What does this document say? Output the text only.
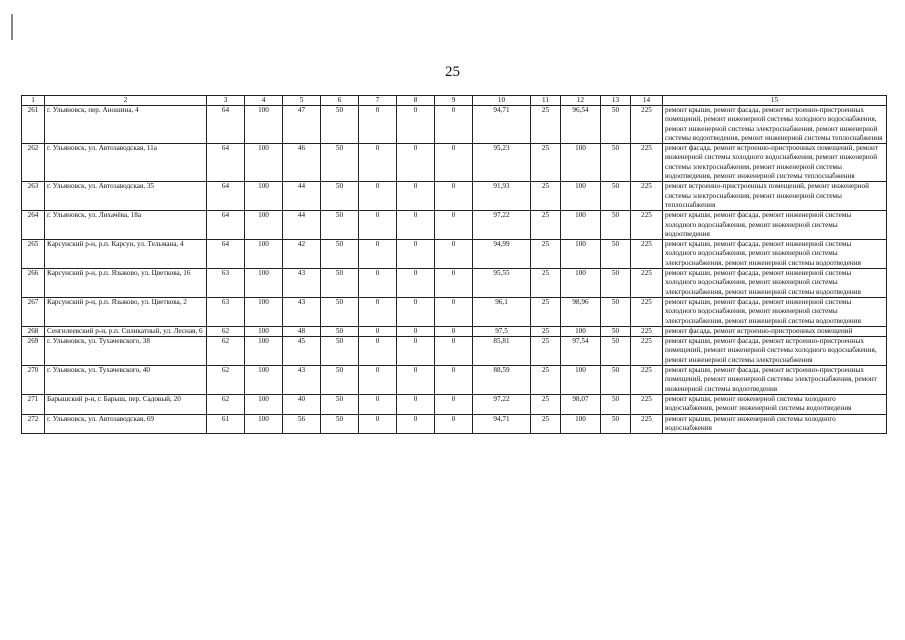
25
1	2	3	4	5	6	7	8	9	10	11	12	13	14	15
261	г. Ульяновск, пер. Аношина, 4	64	100	47	50	0	0	0	94,71	25	96,54	50	225	ремонт крыши, ремонт фасада, ремонт встроенно-пристроенных помещений, ремонт инженерной системы холодного водоснабжения, ремонт инженерной системы электроснабжения, ремонт инженерной системы водоотведения, ремонт инженерной системы теплоснабжения
262	г. Ульяновск, ул. Автозаводская, 11а	64	100	46	50	0	0	0	95,23	25	100	50	225	ремонт фасада, ремонт встроенно-пристроенных помещений, ремонт инженерной системы холодного водоснабжения, ремонт инженерной системы электроснабжения, ремонт инженерной системы водоотведения, ремонт инженерной системы теплоснабжения
263	г. Ульяновск, ул. Автозаводская, 35	64	100	44	50	0	0	0	91,93	25	100	50	225	ремонт встроенно-пристроенных помещений, ремонт инженерной системы электроснабжения, ремонт инженерной системы теплоснабжения
264	г. Ульяновск, ул. Лихачёва, 18а	64	100	44	50	0	0	0	97,22	25	100	50	225	ремонт крыши, ремонт фасада, ремонт инженерной системы холодного водоснабжения, ремонт инженерной системы водоотведения
265	Карсунский р-н, р.п. Карсун, ул. Тельмана, 4	64	100	42	50	0	0	0	94,99	25	100	50	225	ремонт крыши, ремонт фасада, ремонт инженерной системы холодного водоснабжения, ремонт инженерной системы электроснабжения, ремонт инженерной системы водоотведения
266	Карсунский р-н, р.п. Языково, ул. Цветкова, 16	63	100	43	50	0	0	0	95,55	25	100	50	225	ремонт крыши, ремонт фасада, ремонт инженерной системы холодного водоснабжения, ремонт инженерной системы электроснабжения, ремонт инженерной системы водоотведения
267	Карсунский р-н, р.п. Языково, ул. Цветкова, 2	63	100	43	50	0	0	0	96,1	25	98,96	50	225	ремонт крыши, ремонт фасада, ремонт инженерной системы холодного водоснабжения, ремонт инженерной системы электроснабжения, ремонт инженерной системы водоотведения
268	Сенгилеевский р-н, р.п. Силикатный, ул. Лесная, 6	62	100	48	50	0	0	0	97,5	25	100	50	225	ремонт фасада, ремонт встроенно-пристроенных помещений
269	г. Ульяновск, ул. Тухачевского, 38	62	100	45	50	0	0	0	85,81	25	97,54	50	225	ремонт крыши, ремонт фасада, ремонт встроенно-пристроенных помещений, ремонт инженерной системы холодного водоснабжения, ремонт инженерной системы электроснабжения
270	г. Ульяновск, ул. Тухачевского, 40	62	100	43	50	0	0	0	88,59	25	100	50	225	ремонт крыши, ремонт фасада, ремонт встроенно-пристроенных помещений, ремонт инженерной системы электроснабжения, ремонт инженерной системы водоотведения
271	Барышский р-н, г. Барыш, пер. Садовый, 20	62	100	40	50	0	0	0	97,22	25	98,07	50	225	ремонт крыши, ремонт инженерной системы холодного водоснабжения, ремонт инженерной системы водоотведения
272	г. Ульяновск, ул. Автозаводская, 69	61	100	56	50	0	0	0	94,71	25	100	50	225	ремонт крыши, ремонт инженерной системы холодного водоснабжения
